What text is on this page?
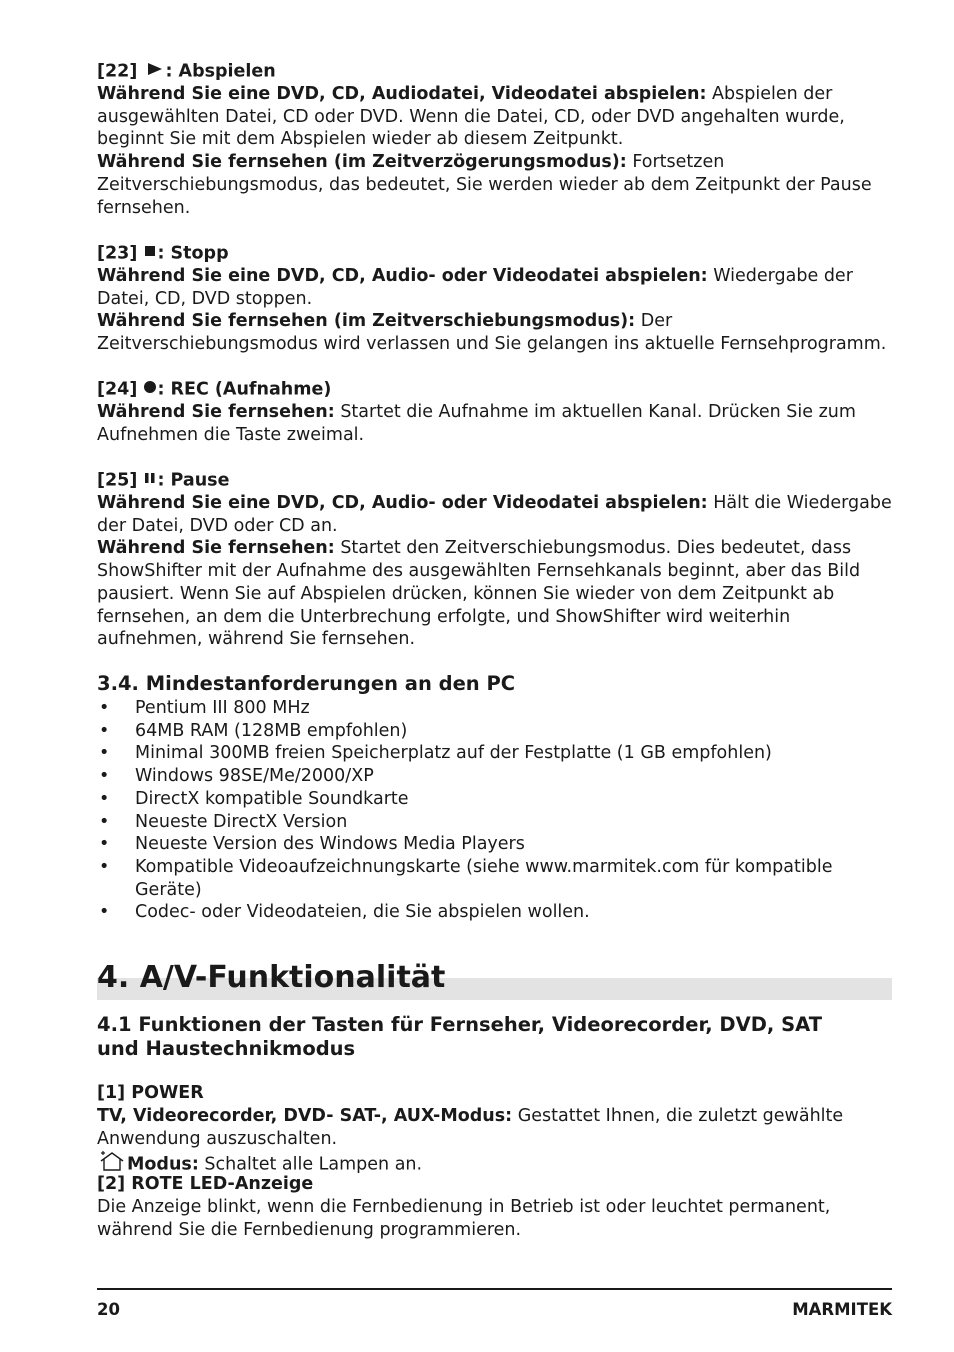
[22] : Abspielen
Während Sie eine DVD, CD, Audiodatei, Videodatei abspielen: Abspielen der ausgewählten Datei, CD oder DVD. Wenn die Datei, CD, oder DVD angehalten wurde, beginnt Sie mit dem Abspielen wieder ab diesem Zeitpunkt.
Während Sie fernsehen (im Zeitverzögerungsmodus): Fortsetzen Zeitverschiebungsmodus, das bedeutet, Sie werden wieder ab dem Zeitpunkt der Pause fernsehen.
[23] : Stopp
Während Sie eine DVD, CD, Audio- oder Videodatei abspielen: Wiedergabe der Datei, CD, DVD stoppen.
Während Sie fernsehen (im Zeitverschiebungsmodus): Der Zeitverschiebungsmodus wird verlassen und Sie gelangen ins aktuelle Fernsehprogramm.
[24] : REC (Aufnahme)
Während Sie fernsehen: Startet die Aufnahme im aktuellen Kanal. Drücken Sie zum Aufnehmen die Taste zweimal.
[25] : Pause
Während Sie eine DVD, CD, Audio- oder Videodatei abspielen: Hält die Wiedergabe der Datei, DVD oder CD an.
Während Sie fernsehen: Startet den Zeitverschiebungsmodus. Dies bedeutet, dass ShowShifter mit der Aufnahme des ausgewählten Fernsehkanals beginnt, aber das Bild pausiert. Wenn Sie auf Abspielen drücken, können Sie wieder von dem Zeitpunkt ab fernsehen, an dem die Unterbrechung erfolgte, und ShowShifter wird weiterhin aufnehmen, während Sie fernsehen.
3.4. Mindestanforderungen an den PC
• Pentium III 800 MHz
• 64MB RAM (128MB empfohlen)
• Minimal 300MB freien Speicherplatz auf der Festplatte (1 GB empfohlen)
• Windows 98SE/Me/2000/XP
• DirectX kompatible Soundkarte
• Neueste DirectX Version
• Neueste Version des Windows Media Players
• Kompatible Videoaufzeichnungskarte (siehe www.marmitek.com für kompatible Geräte)
• Codec- oder Videodateien, die Sie abspielen wollen.
4. A/V-Funktionalität
4.1 Funktionen der Tasten für Fernseher, Videorecorder, DVD, SAT
und Haustechnikmodus
[1] POWER
TV, Videorecorder, DVD- SAT-, AUX-Modus: Gestattet Ihnen, die zuletzt gewählte Anwendung auszuschalten.
Modus: Schaltet alle Lampen an.
[2] ROTE LED-Anzeige
Die Anzeige blinkt, wenn die Fernbedienung in Betrieb ist oder leuchtet permanent, während Sie die Fernbedienung programmieren.
20	MARMITEK
